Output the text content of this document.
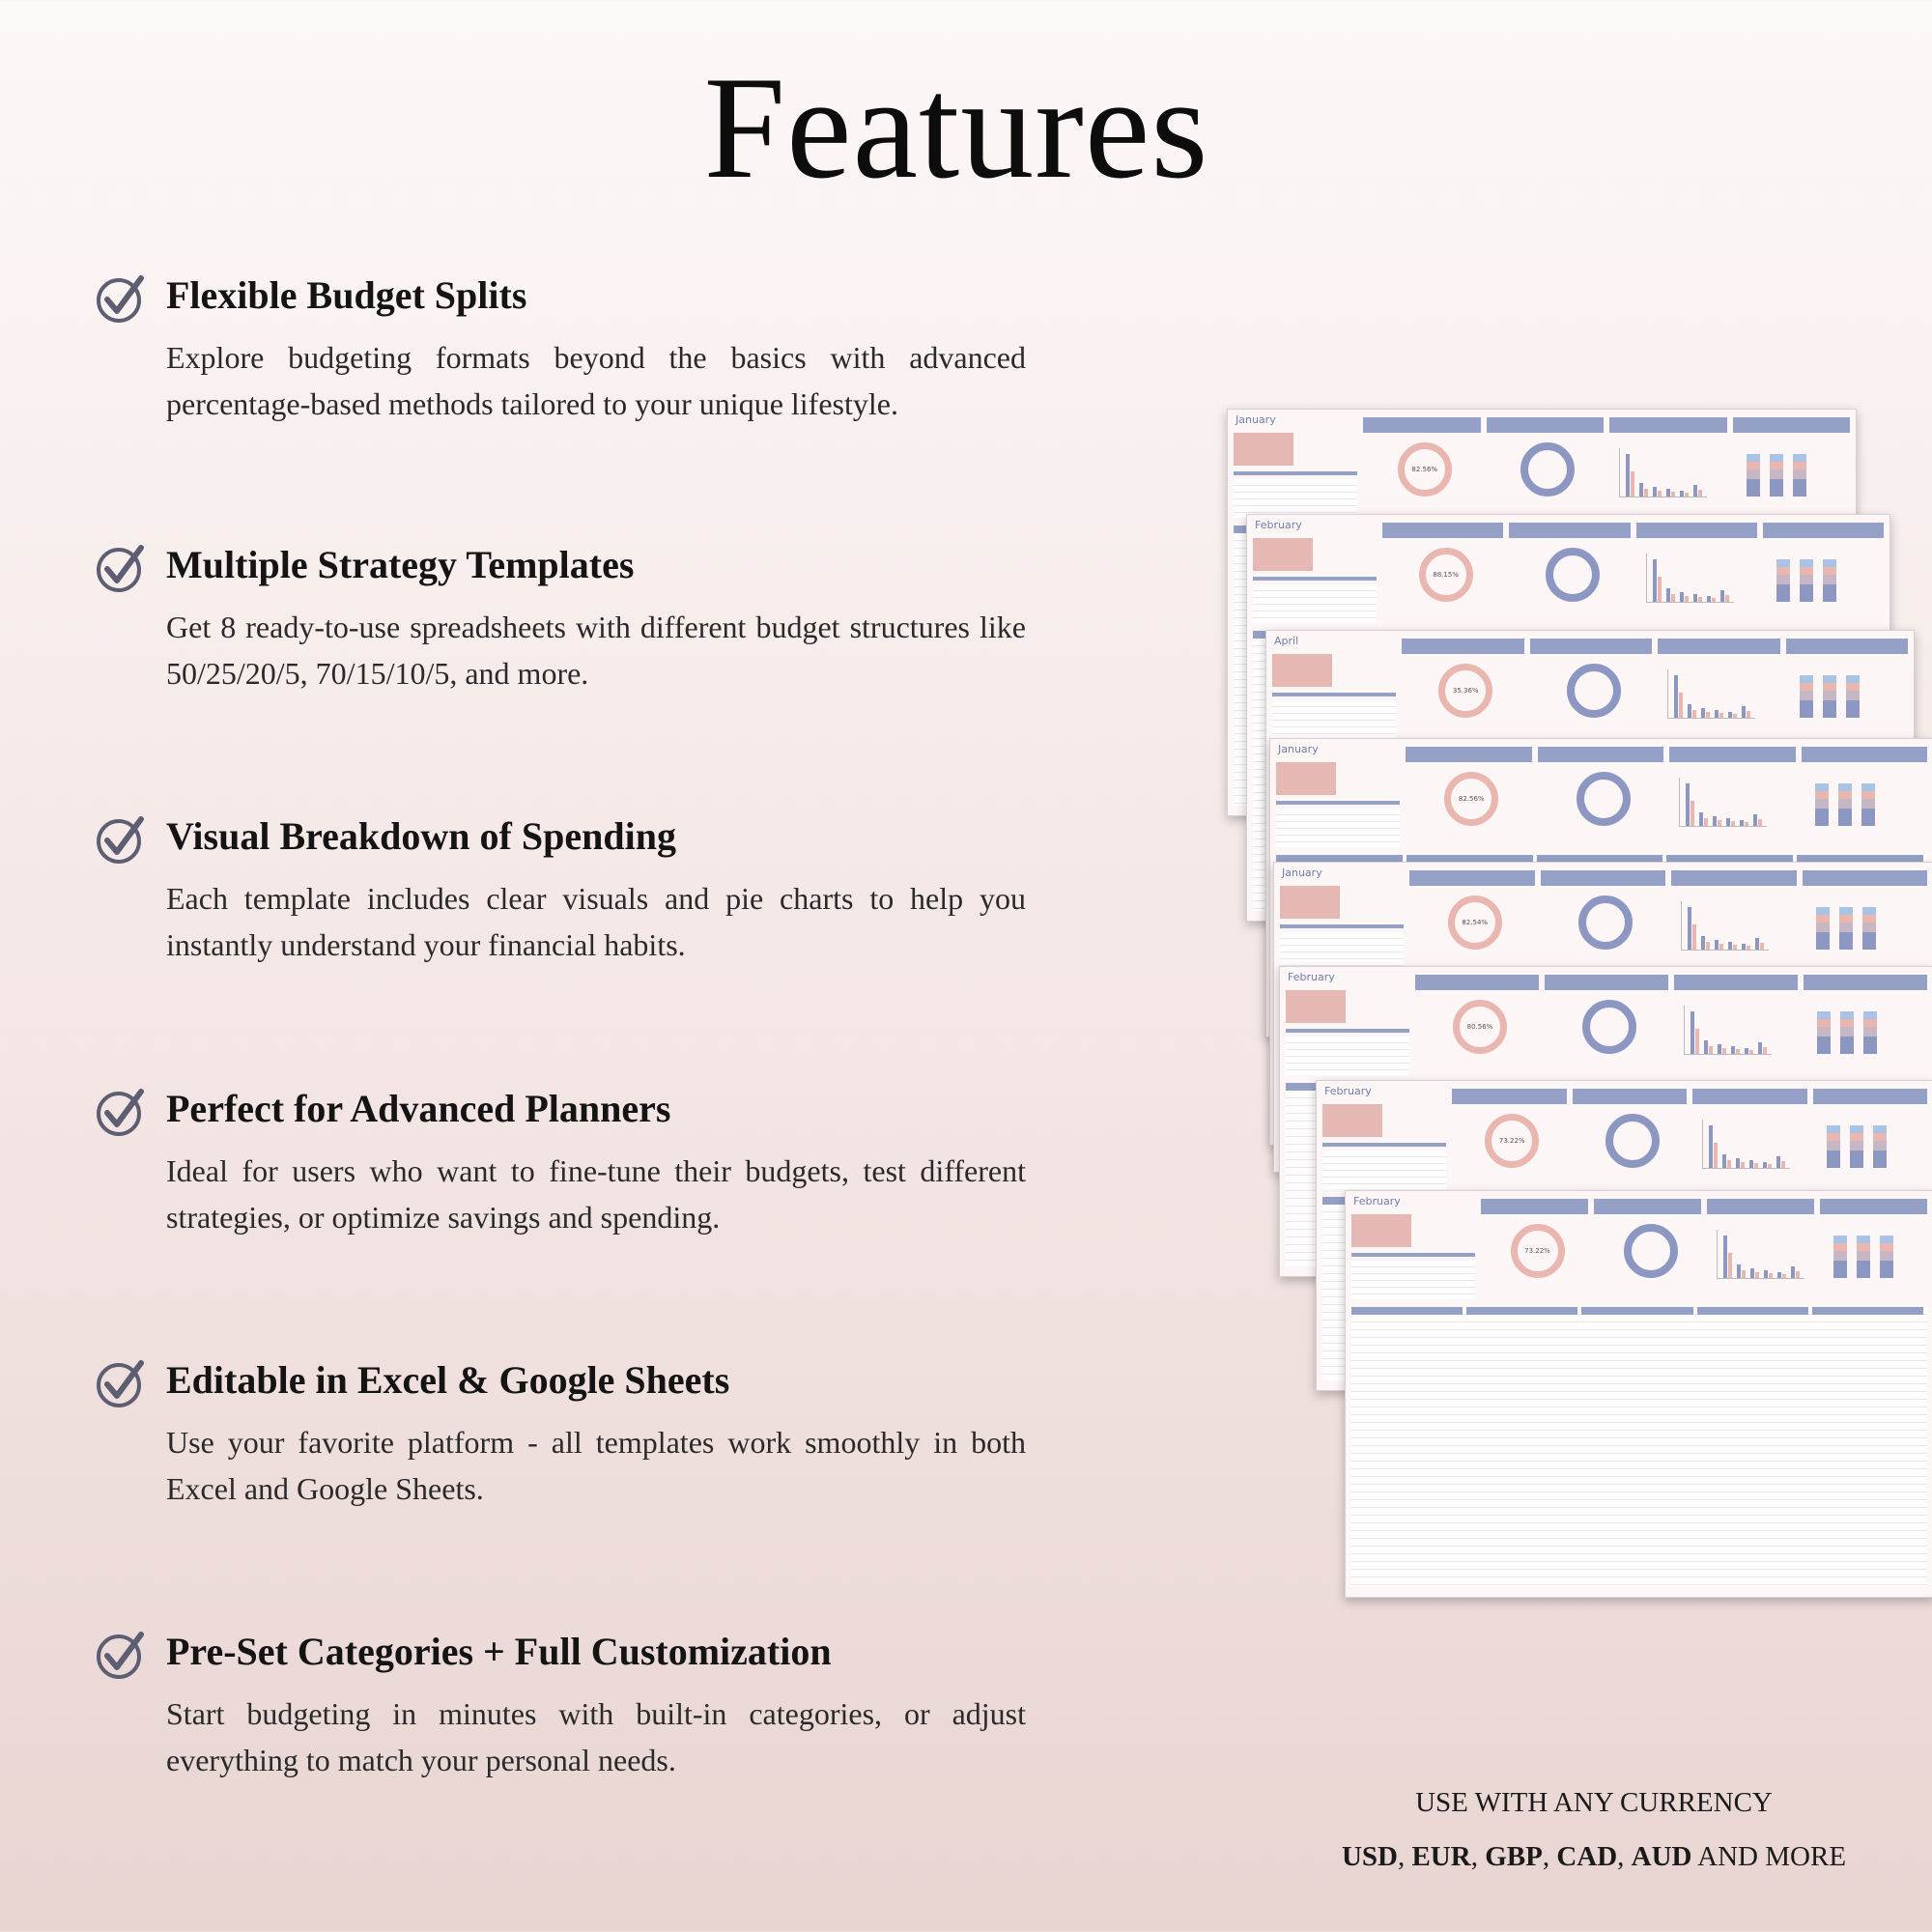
Features
Flexible Budget Splits
Explore budgeting formats beyond the basics with advanced percentage-based methods tailored to your unique lifestyle.
Multiple Strategy Templates
Get 8 ready-to-use spreadsheets with different budget structures like 50/25/20/5, 70/15/10/5, and more.
Visual Breakdown of Spending
Each template includes clear visuals and pie charts to help you instantly understand your financial habits.
Perfect for Advanced Planners
Ideal for users who want to fine-tune their budgets, test different strategies, or optimize savings and spending.
Editable in Excel & Google Sheets
Use your favorite platform - all templates work smoothly in both Excel and Google Sheets.
Pre-Set Categories + Full Customization
Start budgeting in minutes with built-in categories, or adjust everything to match your personal needs.
January
82.56%
February
88.15%
April
35.36%
January
82.56%
January
82.54%
February
80.56%
February
73.22%
February
73.22%
USE WITH ANY CURRENCY
USD, EUR, GBP, CAD, AUD AND MORE
